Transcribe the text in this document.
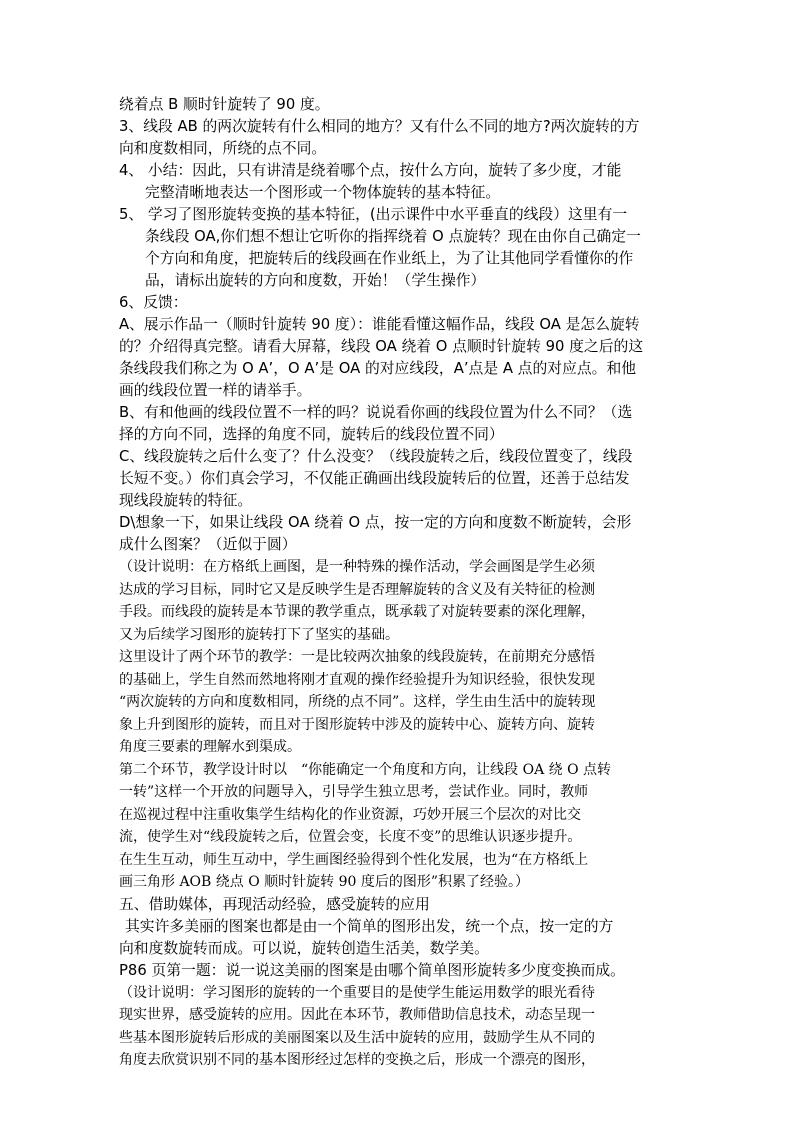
绕着点 B 顺时针旋转了 90 度。
3、线段 AB 的两次旋转有什么相同的地方？又有什么不同的地方?两次旋转的方
向和度数相同，所绕的点不同。
4、 小结：因此，只有讲清是绕着哪个点，按什么方向，旋转了多少度，才能
完整清晰地表达一个图形或一个物体旋转的基本特征。
5、 学习了图形旋转变换的基本特征，(出示课件中水平垂直的线段）这里有一
条线段 OA,你们想不想让它听你的指挥绕着 O 点旋转？现在由你自己确定一
个方向和角度，把旋转后的线段画在作业纸上，为了让其他同学看懂你的作
品，请标出旋转的方向和度数，开始！（学生操作）
6、反馈：
A、展示作品一（顺时针旋转 90 度）：谁能看懂这幅作品，线段 OA 是怎么旋转
的？介绍得真完整。请看大屏幕，线段 OA 绕着 O 点顺时针旋转 90 度之后的这
条线段我们称之为 O A’，O A’是 OA 的对应线段，A’点是 A 点的对应点。和他
画的线段位置一样的请举手。
B、有和他画的线段位置不一样的吗？说说看你画的线段位置为什么不同？（选
择的方向不同，选择的角度不同，旋转后的线段位置不同）
C、线段旋转之后什么变了？什么没变？（线段旋转之后，线段位置变了，线段
长短不变。）你们真会学习，不仅能正确画出线段旋转后的位置，还善于总结发
现线段旋转的特征。
D\想象一下，如果让线段 OA 绕着 O 点，按一定的方向和度数不断旋转，会形
成什么图案？（近似于圆）
（设计说明：在方格纸上画图，是一种特殊的操作活动，学会画图是学生必须
达成的学习目标，同时它又是反映学生是否理解旋转的含义及有关特征的检测
手段。而线段的旋转是本节课的教学重点，既承载了对旋转要素的深化理解，
又为后续学习图形的旋转打下了坚实的基础。
这里设计了两个环节的教学：一是比较两次抽象的线段旋转，在前期充分感悟
的基础上，学生自然而然地将刚才直观的操作经验提升为知识经验，很快发现
“两次旋转的方向和度数相同，所绕的点不同”。这样，学生由生活中的旋转现
象上升到图形的旋转，而且对于图形旋转中涉及的旋转中心、旋转方向、旋转
角度三要素的理解水到渠成。
第二个环节，教学设计时以　“你能确定一个角度和方向，让线段 OA 绕 O 点转
一转”这样一个开放的问题导入，引导学生独立思考，尝试作业。同时，教师
在巡视过程中注重收集学生结构化的作业资源，巧妙开展三个层次的对比交
流，使学生对“线段旋转之后，位置会变，长度不变”的思维认识逐步提升。
在生生互动，师生互动中，学生画图经验得到个性化发展，也为“在方格纸上
画三角形 AOB 绕点 O 顺时针旋转 90 度后的图形”积累了经验。）
五、借助媒体，再现活动经验，感受旋转的应用
其实许多美丽的图案也都是由一个简单的图形出发，统一个点，按一定的方
向和度数旋转而成。可以说，旋转创造生活美，数学美。
P86 页第一题：说一说这美丽的图案是由哪个简单图形旋转多少度变换而成。
（设计说明：学习图形的旋转的一个重要目的是使学生能运用数学的眼光看待
现实世界，感受旋转的应用。因此在本环节，教师借助信息技术，动态呈现一
些基本图形旋转后形成的美丽图案以及生活中旋转的应用，鼓励学生从不同的
角度去欣赏识别不同的基本图形经过怎样的变换之后，形成一个漂亮的图形，
